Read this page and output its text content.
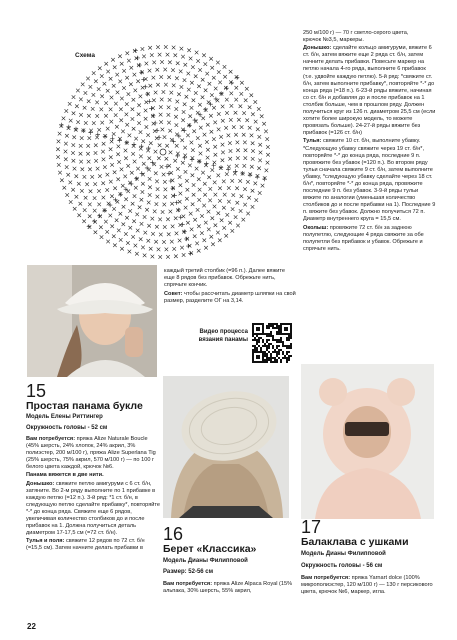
Схема

250 м/100 г) — 70 г светло-серого цвета,

крючок №3,5, маркеры.

Донышко: сделайте кольцо амигуруми, вяжите 6 ст. б/н, затем вяжите еще 2 ряда ст. б/н, затем начните делать прибавки. Повесьте маркер на петлю начала 4-го ряда, выполните 6 прибавок (т.е. удвойте каждую петлю). 5-й ряд: *свяжите ст. б/н, затем выполните прибавку*, повторяйте *-* до конца ряда (=18 п.). 6-23-й ряды вяжите, начиная со ст. б/н и добавляя до и после прибавок на 1 столбик больше, чем в прошлом ряду. Должен получиться круг из 126 п. диаметром 25,5 см (если хотите более широкую модель, то можете провязать больше). 24-27-й ряды вяжите без прибавок (=126 ст. б/н)

Тулья: свяжите 10 ст. б/н, выполните убавку. *Следующую убавку свяжите через 19 ст. б/н*, повторяйте *-* до конца ряда, последние 9 п. провяжите без убавок (=120 п.). Во втором ряду тульи сначала свяжите 9 ст. б/н, затем выполните убавку, *следующую убавку сделайте через 18 ст. б/н*, повторяйте *-* до конца ряда, провяжите последние 9 п. без убавок. 3-9-й ряды тульи вяжите по аналогии (уменьшая количество столбиков до и после прибавки на 1). Последние 9 п. вяжите без убавок. Должно получиться 72 п. Диаметр внутреннего круга = 15,5 см.

Околыш: провяжите 72 ст. б/н за заднюю полупетлю, следующие 4 ряда свяжите за обе полупетли без прибавок и убавок. Обрежьте и спрячьте нить.

каждый третий столбик (=96 п.). Далее вяжите еще 8 рядов без прибавок. Обрежьте нить, спрячьте кончик.

Совет: чтобы рассчитать диаметр шляпки на свой размер, разделите ОГ на 3,14.

Видео процесса вязания панамы
15
Простая панама букле
Модель Елены Риттингер
Окружность головы - 52 см

Вам потребуется: пряжа Alize Naturale Boucle (45% шерсть, 24% хлопок, 24% акрил, 3% полиэстер, 200 м/100 г), пряжа Alize Superlana Tig (25% шерсть, 75% акрил, 570 м/100 г) — по 100 г белого цвета каждой, крючок №6.

Панама вяжется в две нити.

Донышко: свяжите петлю амигуруми с 6 ст. б/н, затяните. Во 2-м ряду выполните по 1 прибавке в каждую петлю (=12 п.). 3-й ряд: *1 ст. б/н, в следующую петлю сделайте прибавку*, повторяйте *-* до конца ряда. Свяжите еще 6 рядов, увеличивая количество столбиков до и после прибавок на 1. Должна получиться деталь диаметром 17-17,5 см (=72 ст. б/н).

Тулья и поля: свяжите 12 рядов по 72 ст. б/н (=15,5 см). Затем начните делать прибавки в

22
16
Берет «Классика»
Модель Дианы Филипповой
Размер: 52-56 см

Вам потребуется: пряжа Alize Alpaca Royal (15% альпака, 30% шерсть, 55% акрил,

17
Балаклава с ушками
Модель Дианы Филипповой
Окружность головы - 56 см

Вам потребуется: пряжа Yarnart dolce (100% микрополиэстер, 120 м/100 г) — 130 г персикового цвета, крючок №6, маркер, игла.
